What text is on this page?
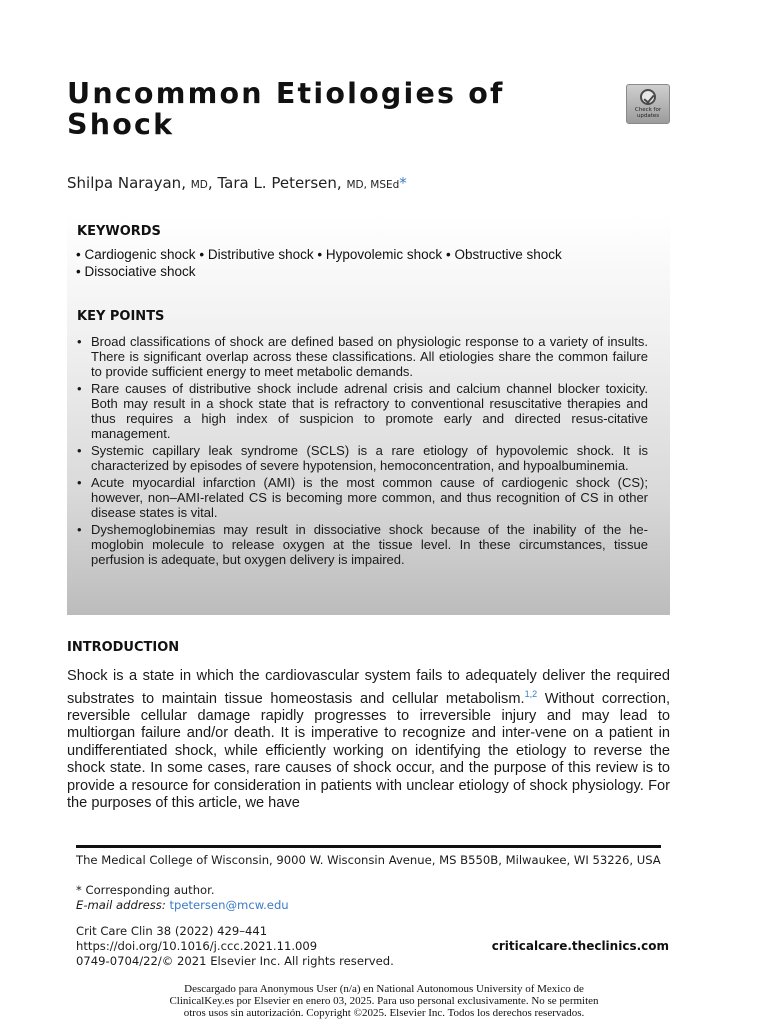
Uncommon Etiologies of Shock	Check for
updates
Shilpa Narayan, MD, Tara L. Petersen, MD, MSEd*
KEYWORDS
• Cardiogenic shock • Distributive shock • Hypovolemic shock • Obstructive shock
• Dissociative shock
KEY POINTS
• Broad classifications of shock are defined based on physiologic response to a variety of insults. There is significant overlap across these classifications. All etiologies share the common failure to provide sufficient energy to meet metabolic demands.
• Rare causes of distributive shock include adrenal crisis and calcium channel blocker toxicity. Both may result in a shock state that is refractory to conventional resuscitative therapies and thus requires a high index of suspicion to promote early and directed resus-citative management.
• Systemic capillary leak syndrome (SCLS) is a rare etiology of hypovolemic shock. It is characterized by episodes of severe hypotension, hemoconcentration, and hypoalbuminemia.
• Acute myocardial infarction (AMI) is the most common cause of cardiogenic shock (CS); however, non–AMI-related CS is becoming more common, and thus recognition of CS in other disease states is vital.
• Dyshemoglobinemias may result in dissociative shock because of the inability of the he-moglobin molecule to release oxygen at the tissue level. In these circumstances, tissue perfusion is adequate, but oxygen delivery is impaired.
INTRODUCTION

Shock is a state in which the cardiovascular system fails to adequately deliver the required substrates to maintain tissue homeostasis and cellular metabolism.$^{1,2}$ Without correction, reversible cellular damage rapidly progresses to irreversible injury and may lead to multiorgan failure and/or death. It is imperative to recognize and inter-vene on a patient in undifferentiated shock, while efficiently working on identifying the etiology to reverse the shock state. In some cases, rare causes of shock occur, and the purpose of this review is to provide a resource for consideration in patients with unclear etiology of shock physiology. For the purposes of this article, we have

The Medical College of Wisconsin, 9000 W. Wisconsin Avenue, MS B550B, Milwaukee, WI 53226, USA
* Corresponding author.
E-mail address: tpetersen@mcw.edu
Crit Care Clin 38 (2022) 429–441
https://doi.org/10.1016/j.ccc.2021.11.009
0749-0704/22/© 2021 Elsevier Inc. All rights reserved.
criticalcare.theclinics.com
Descargado para Anonymous User (n/a) en National Autonomous University of Mexico de
ClinicalKey.es por Elsevier en enero 03, 2025. Para uso personal exclusivamente. No se permiten
otros usos sin autorización. Copyright ©2025. Elsevier Inc. Todos los derechos reservados.
